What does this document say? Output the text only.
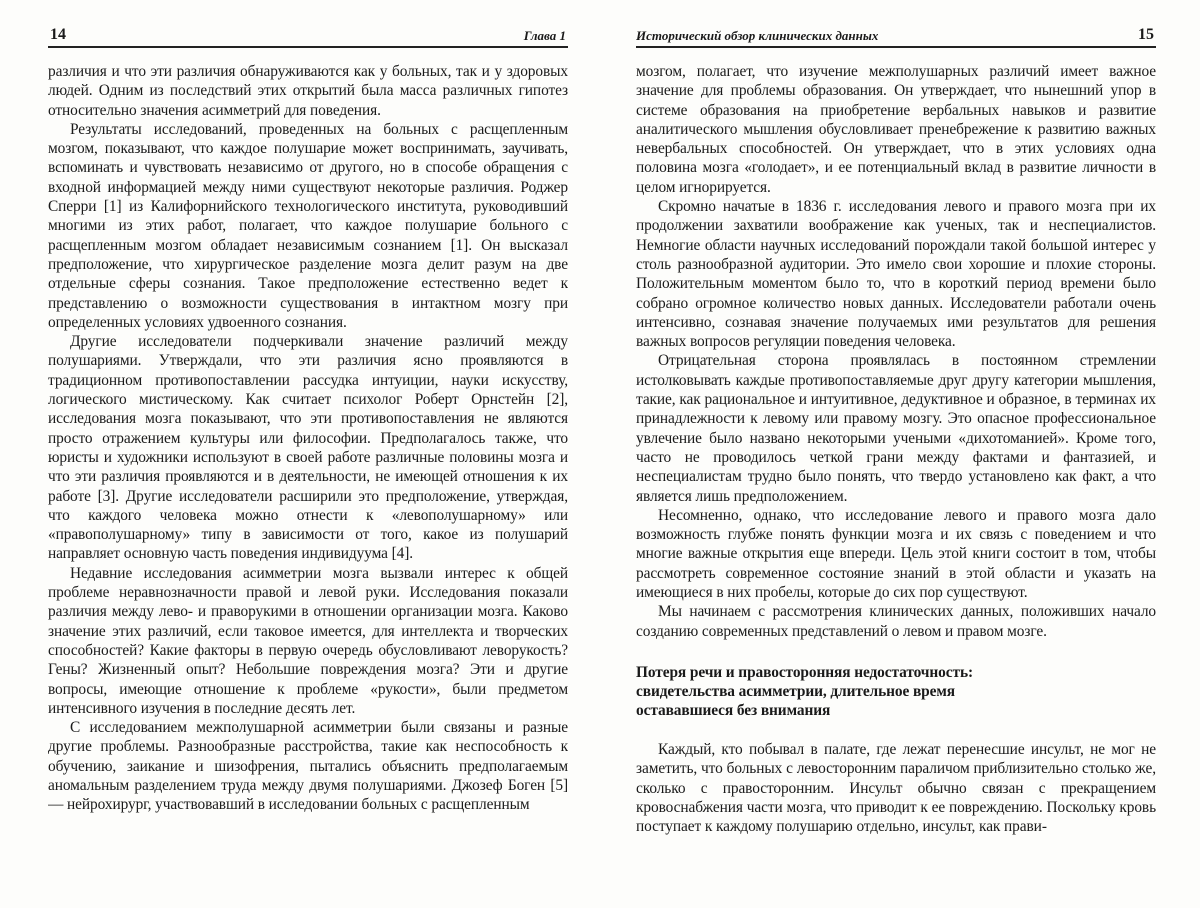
14	Глава 1

различия и что эти различия обнаруживаются как у больных, так и у здоровых людей. Одним из последствий этих открытий была масса различных гипотез относительно значения асимметрий для поведения.

Результаты исследований, проведенных на больных с расщепленным мозгом, показывают, что каждое полушарие может воспринимать, заучивать, вспоминать и чувствовать независимо от другого, но в способе обращения с входной информацией между ними существуют некоторые различия. Роджер Сперри [1] из Калифорнийского технологического института, руководивший многими из этих работ, полагает, что каждое полушарие больного с расщепленным мозгом обладает независимым сознанием [1]. Он высказал предположение, что хирургическое разделение мозга делит разум на две отдельные сферы сознания. Такое предположение естественно ведет к представлению о возможности существования в интактном мозгу при определенных условиях удвоенного сознания.

Другие исследователи подчеркивали значение различий между полушариями. Утверждали, что эти различия ясно проявляются в традиционном противопоставлении рассудка интуиции, науки искусству, логического мистическому. Как считает психолог Роберт Орнстейн [2], исследования мозга показывают, что эти противопоставления не являются просто отражением культуры или философии. Предполагалось также, что юристы и художники используют в своей работе различные половины мозга и что эти различия проявляются и в деятельности, не имеющей отношения к их работе [3]. Другие исследователи расширили это предположение, утверждая, что каждого человека можно отнести к «левополушарному» или «правополушарному» типу в зависимости от того, какое из полушарий направляет основную часть поведения индивидуума [4].

Недавние исследования асимметрии мозга вызвали интерес к общей проблеме неравнозначности правой и левой руки. Исследования показали различия между лево- и праворукими в отношении организации мозга. Каково значение этих различий, если таковое имеется, для интеллекта и творческих способностей? Какие факторы в первую очередь обусловливают леворукость? Гены? Жизненный опыт? Небольшие повреждения мозга? Эти и другие вопросы, имеющие отношение к проблеме «рукости», были предметом интенсивного изучения в последние десять лет.

С исследованием межполушарной асимметрии были связаны и разные другие проблемы. Разнообразные расстройства, такие как неспособность к обучению, заикание и шизофрения, пытались объяснить предполагаемым аномальным разделением труда между двумя полушариями. Джозеф Боген [5] — нейрохирург, участвовавший в исследовании больных с расщепленным

Исторический обзор клинических данных	15

мозгом, полагает, что изучение межполушарных различий имеет важное значение для проблемы образования. Он утверждает, что нынешний упор в системе образования на приобретение вербальных навыков и развитие аналитического мышления обусловливает пренебрежение к развитию важных невербальных способностей. Он утверждает, что в этих условиях одна половина мозга «голодает», и ее потенциальный вклад в развитие личности в целом игнорируется.

Скромно начатые в 1836 г. исследования левого и правого мозга при их продолжении захватили воображение как ученых, так и неспециалистов. Немногие области научных исследований порождали такой большой интерес у столь разнообразной аудитории. Это имело свои хорошие и плохие стороны. Положительным моментом было то, что в короткий период времени было собрано огромное количество новых данных. Исследователи работали очень интенсивно, сознавая значение получаемых ими результатов для решения важных вопросов регуляции поведения человека.

Отрицательная сторона проявлялась в постоянном стремлении истолковывать каждые противопоставляемые друг другу категории мышления, такие, как рациональное и интуитивное, дедуктивное и образное, в терминах их принадлежности к левому или правому мозгу. Это опасное профессиональное увлечение было названо некоторыми учеными «дихотоманией». Кроме того, часто не проводилось четкой грани между фактами и фантазией, и неспециалистам трудно было понять, что твердо установлено как факт, а что является лишь предположением.

Несомненно, однако, что исследование левого и правого мозга дало возможность глубже понять функции мозга и их связь с поведением и что многие важные открытия еще впереди. Цель этой книги состоит в том, чтобы рассмотреть современное состояние знаний в этой области и указать на имеющиеся в них пробелы, которые до сих пор существуют.

Мы начинаем с рассмотрения клинических данных, положивших начало созданию современных представлений о левом и правом мозге.

Потеря речи и правосторонняя недостаточность:
свидетельства асимметрии, длительное время
остававшиеся без внимания

Каждый, кто побывал в палате, где лежат перенесшие инсульт, не мог не заметить, что больных с левосторонним параличом приблизительно столько же, сколько с правосторонним. Инсульт обычно связан с прекращением кровоснабжения части мозга, что приводит к ее повреждению. Поскольку кровь поступает к каждому полушарию отдельно, инсульт, как прави-
